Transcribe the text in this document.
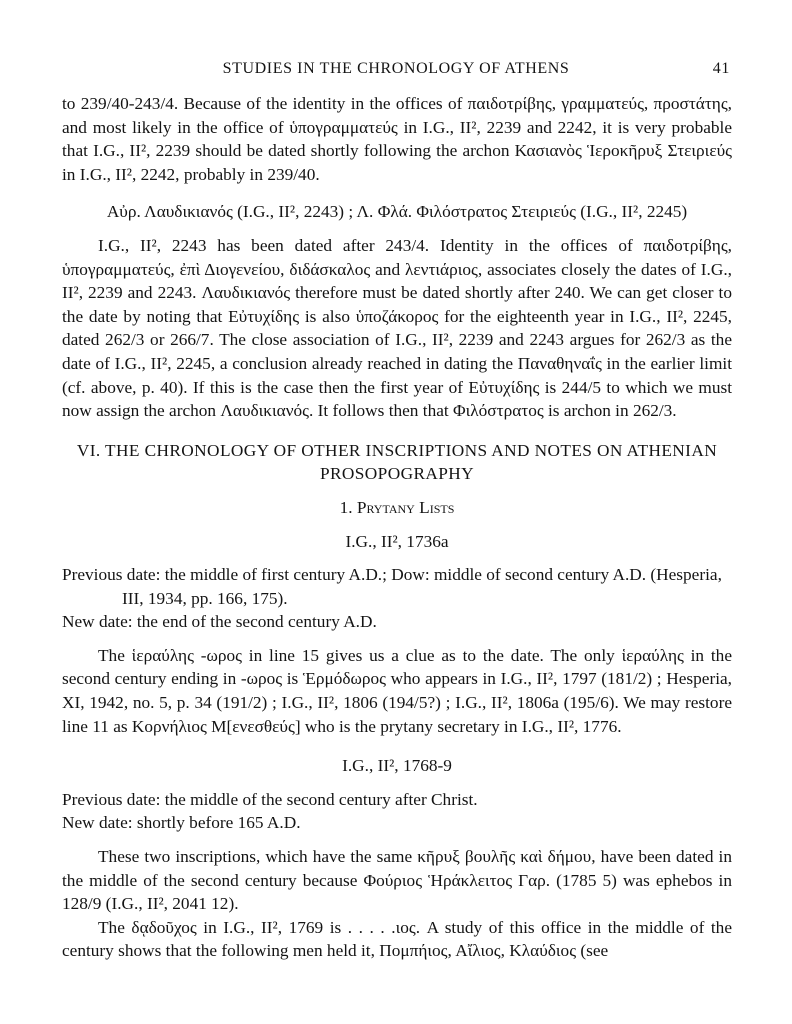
STUDIES IN THE CHRONOLOGY OF ATHENS	41

to 239/40-243/4. Because of the identity in the offices of παιδοτρίβης, γραμματεύς, προστάτης, and most likely in the office of ὑπογραμματεύς in I.G., II², 2239 and 2242, it is very probable that I.G., II², 2239 should be dated shortly following the archon Κασιανὸς Ἱεροκῆρυξ Στειριεύς in I.G., II², 2242, probably in 239/40.

Αὐρ. Λαυδικιανός (I.G., II², 2243) ; Λ. Φλά. Φιλόστρατος Στειριεύς (I.G., II², 2245)

I.G., II², 2243 has been dated after 243/4. Identity in the offices of παιδοτρίβης, ὑπογραμματεύς, ἐπὶ Διογενείου, διδάσκαλος and λεντιάριος, associates closely the dates of I.G., II², 2239 and 2243. Λαυδικιανός therefore must be dated shortly after 240. We can get closer to the date by noting that Εὐτυχίδης is also ὑποζάκορος for the eighteenth year in I.G., II², 2245, dated 262/3 or 266/7. The close association of I.G., II², 2239 and 2243 argues for 262/3 as the date of I.G., II², 2245, a conclusion already reached in dating the Παναθηναΐς in the earlier limit (cf. above, p. 40). If this is the case then the first year of Εὐτυχίδης is 244/5 to which we must now assign the archon Λαυδικιανός. It follows then that Φιλόστρατος is archon in 262/3.

VI. THE CHRONOLOGY OF OTHER INSCRIPTIONS AND NOTES ON ATHENIAN PROSOPOGRAPHY

1. Prytany Lists

I.G., II², 1736a

Previous date: the middle of first century A.D.; Dow: middle of second century A.D. (Hesperia, III, 1934, pp. 166, 175).

New date: the end of the second century A.D.

The ἱεραύλης -ωρος in line 15 gives us a clue as to the date. The only ἱεραύλης in the second century ending in -ωρος is Ἑρμόδωρος who appears in I.G., II², 1797 (181/2) ; Hesperia, XI, 1942, no. 5, p. 34 (191/2) ; I.G., II², 1806 (194/5?) ; I.G., II², 1806a (195/6). We may restore line 11 as Κορνήλιος Μ[ενεσθεύς] who is the prytany secretary in I.G., II², 1776.

I.G., II², 1768-9

Previous date: the middle of the second century after Christ.

New date: shortly before 165 A.D.

These two inscriptions, which have the same κῆρυξ βουλῆς καὶ δήμου, have been dated in the middle of the second century because Φούριος Ἡράκλειτος Γαρ. (1785 5) was ephebos in 128/9 (I.G., II², 2041 12).

The δᾳδοῦχος in I.G., II², 1769 is . . . . .ιος. A study of this office in the middle of the century shows that the following men held it, Πομπήιος, Αἴλιος, Κλαύδιος (see
